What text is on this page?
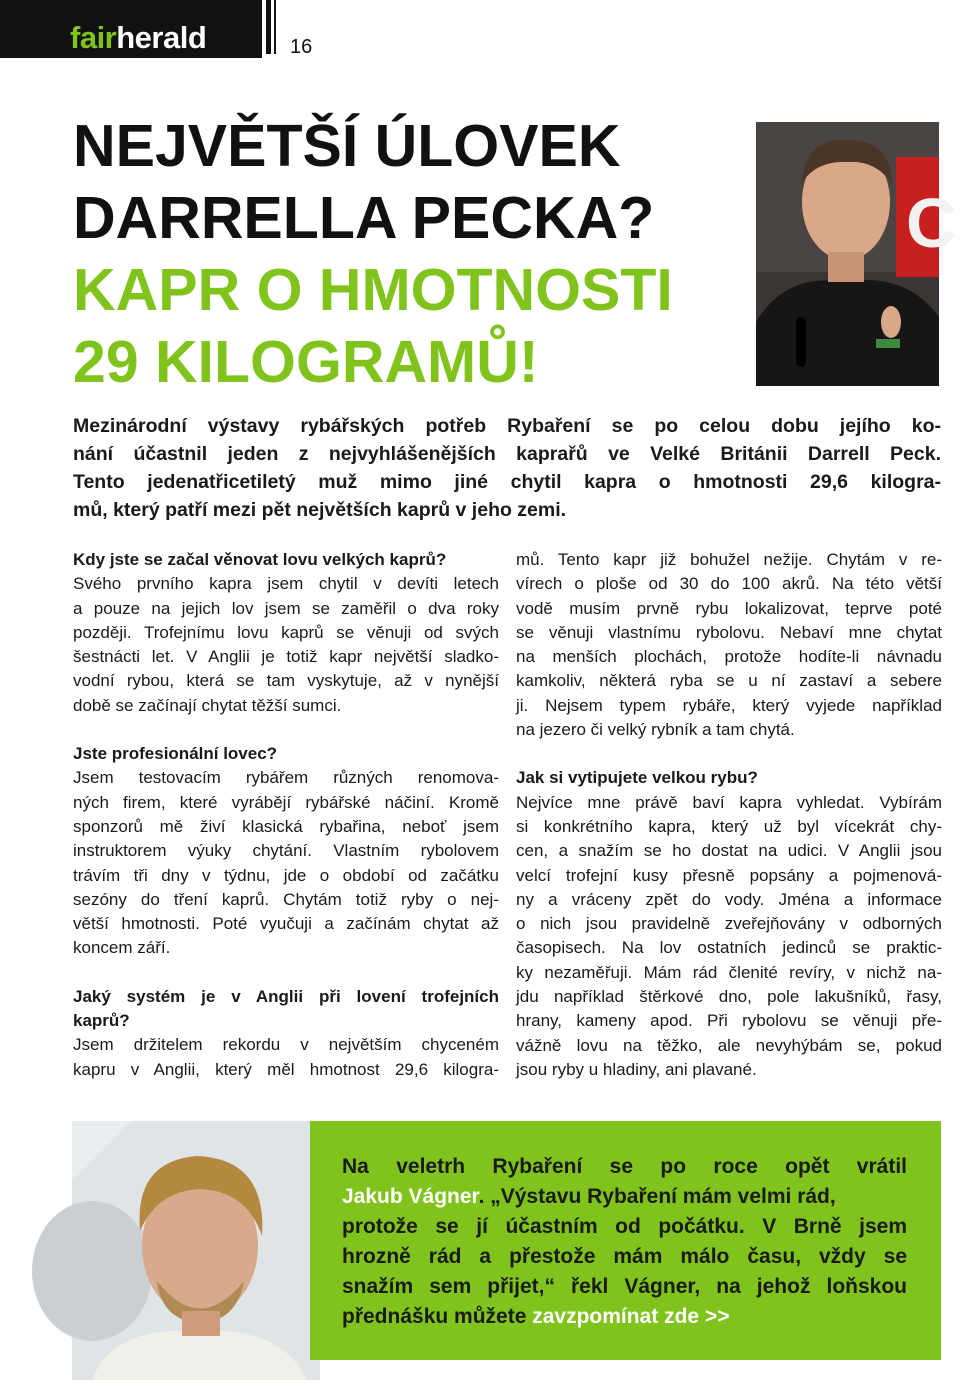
fairherald	16
NEJVĚTŠÍ ÚLOVEK
DARRELLA PECKA?
KAPR O HMOTNOSTI
29 KILOGRAMŮ!
C
Mezinárodní výstavy rybářských potřeb Rybaření se po celou dobu jejího ko-
nání účastnil jeden z nejvyhlášenějších kaprařů ve Velké Británii Darrell Peck.
Tento jedenatřicetiletý muž mimo jiné chytil kapra o hmotnosti 29,6 kilogra-
mů, který patří mezi pět největších kaprů v jeho zemi.
Kdy jste se začal věnovat lovu velkých kaprů?
Svého prvního kapra jsem chytil v devíti letech
a pouze na jejich lov jsem se zaměřil o dva roky
později. Trofejnímu lovu kaprů se věnuji od svých
šestnácti let. V Anglii je totiž kapr největší sladko-
vodní rybou, která se tam vyskytuje, až v nynější
době se začínají chytat těžší sumci.
Jste profesionální lovec?
Jsem testovacím rybářem různých renomova-
ných firem, které vyrábějí rybářské náčiní. Kromě
sponzorů mě živí klasická rybařina, neboť jsem
instruktorem výuky chytání. Vlastním rybolovem
trávím tři dny v týdnu, jde o období od začátku
sezóny do tření kaprů. Chytám totiž ryby o nej-
větší hmotnosti. Poté vyučuji a začínám chytat až
koncem září.
Jaký systém je v Anglii při lovení trofejních
kaprů?
Jsem držitelem rekordu v největším chyceném
kapru v Anglii, který měl hmotnost 29,6 kilogra-
mů. Tento kapr již bohužel nežije. Chytám v re-
vírech o ploše od 30 do 100 akrů. Na této větší
vodě musím prvně rybu lokalizovat, teprve poté
se věnuji vlastnímu rybolovu. Nebaví mne chytat
na menších plochách, protože hodíte-li návnadu
kamkoliv, některá ryba se u ní zastaví a sebere
ji. Nejsem typem rybáře, který vyjede například
na jezero či velký rybník a tam chytá.
Jak si vytipujete velkou rybu?
Nejvíce mne právě baví kapra vyhledat. Vybírám
si konkrétního kapra, který už byl vícekrát chy-
cen, a snažím se ho dostat na udici. V Anglii jsou
velcí trofejní kusy přesně popsány a pojmenová-
ny a vráceny zpět do vody. Jména a informace
o nich jsou pravidelně zveřejňovány v odborných
časopisech. Na lov ostatních jedinců se praktic-
ky nezaměřuji. Mám rád členité revíry, v nichž na-
jdu například štěrkové dno, pole lakušníků, řasy,
hrany, kameny apod. Při rybolovu se věnuji pře-
vážně lovu na těžko, ale nevyhýbám se, pokud
jsou ryby u hladiny, ani plavané.
Na veletrh Rybaření se po roce opět vrátil
Jakub Vágner. „Výstavu Rybaření mám velmi rád,
protože se jí účastním od počátku. V Brně jsem
hrozně rád a přestože mám málo času, vždy se
snažím sem přijet,“ řekl Vágner, na jehož loňskou
přednášku můžete zavzpomínat zde >>
